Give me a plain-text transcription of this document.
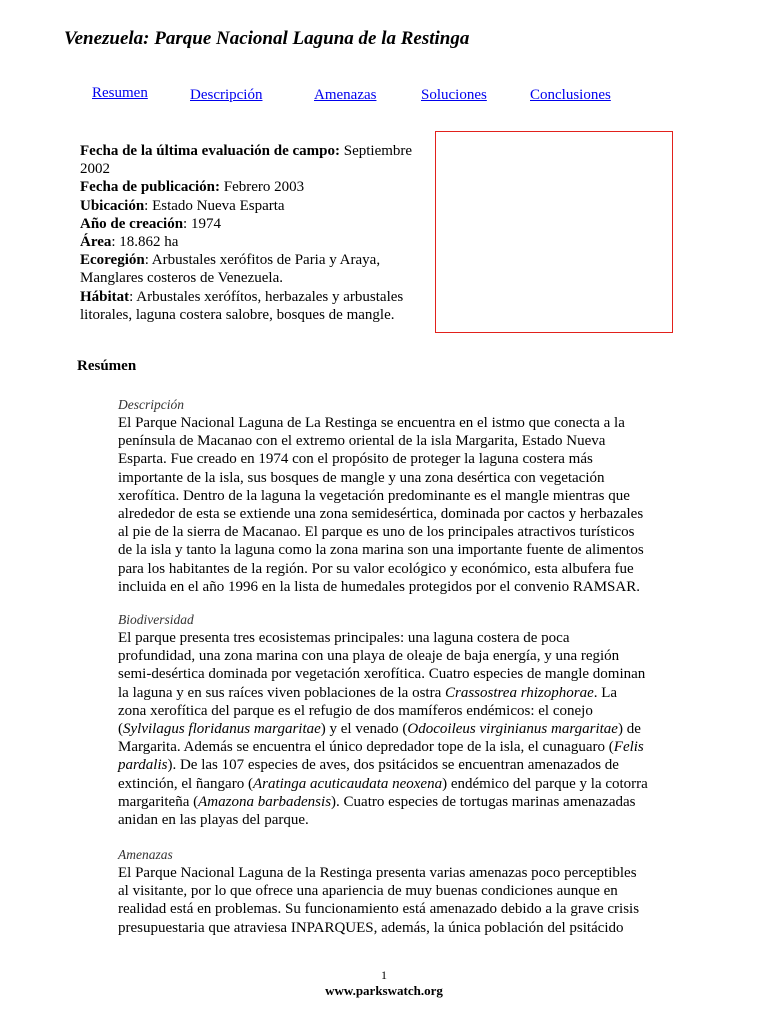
Venezuela: Parque Nacional Laguna de la Restinga
Resumen	Descripción	Amenazas	Soluciones	Conclusiones
Fecha de la última evaluación de campo: Septiembre 2002
Fecha de publicación: Febrero 2003
Ubicación: Estado Nueva Esparta
Año de creación: 1974
Área: 18.862 ha
Ecoregión: Arbustales xerófitos de Paria y Araya, Manglares costeros de Venezuela.
Hábitat: Arbustales xerófítos, herbazales y arbustales litorales, laguna costera salobre, bosques de mangle.
Resúmen
Descripción
El Parque Nacional Laguna de La Restinga se encuentra en el istmo que conecta a la península de Macanao con el extremo oriental de la isla Margarita, Estado Nueva Esparta. Fue creado en 1974 con el propósito de proteger la laguna costera más importante de la isla, sus bosques de mangle y una zona desértica con vegetación xerofítica. Dentro de la laguna la vegetación predominante es el mangle mientras que alrededor de esta se extiende una zona semidesértica, dominada por cactos y herbazales al pie de la sierra de Macanao. El parque es uno de los principales atractivos turísticos de la isla y tanto la laguna como la zona marina son una importante fuente de alimentos para los habitantes de la región. Por su valor ecológico y económico, esta albufera fue incluida en el año 1996 en la lista de humedales protegidos por el convenio RAMSAR.
Biodiversidad
El parque presenta tres ecosistemas principales: una laguna costera de poca profundidad, una zona marina con una playa de oleaje de baja energía, y una región semi-desértica dominada por vegetación xerofítica. Cuatro especies de mangle dominan la laguna y en sus raíces viven poblaciones de la ostra Crassostrea rhizophorae. La zona xerofítica del parque es el refugio de dos mamíferos endémicos: el conejo (Sylvilagus floridanus margaritae) y el venado (Odocoileus virginianus margaritae) de Margarita. Además se encuentra el único depredador tope de la isla, el cunaguaro (Felis pardalis). De las 107 especies de aves, dos psitácidos se encuentran amenazados de extinción, el ñangaro (Aratinga acuticaudata neoxena) endémico del parque y la cotorra margariteña (Amazona barbadensis). Cuatro especies de tortugas marinas amenazadas anidan en las playas del parque.
Amenazas
El Parque Nacional Laguna de la Restinga presenta varias amenazas poco perceptibles al visitante, por lo que ofrece una apariencia de muy buenas condiciones aunque en realidad está en problemas. Su funcionamiento está amenazado debido a la grave crisis presupuestaria que atraviesa INPARQUES, además, la única población del psitácido
1
www.parkswatch.org
